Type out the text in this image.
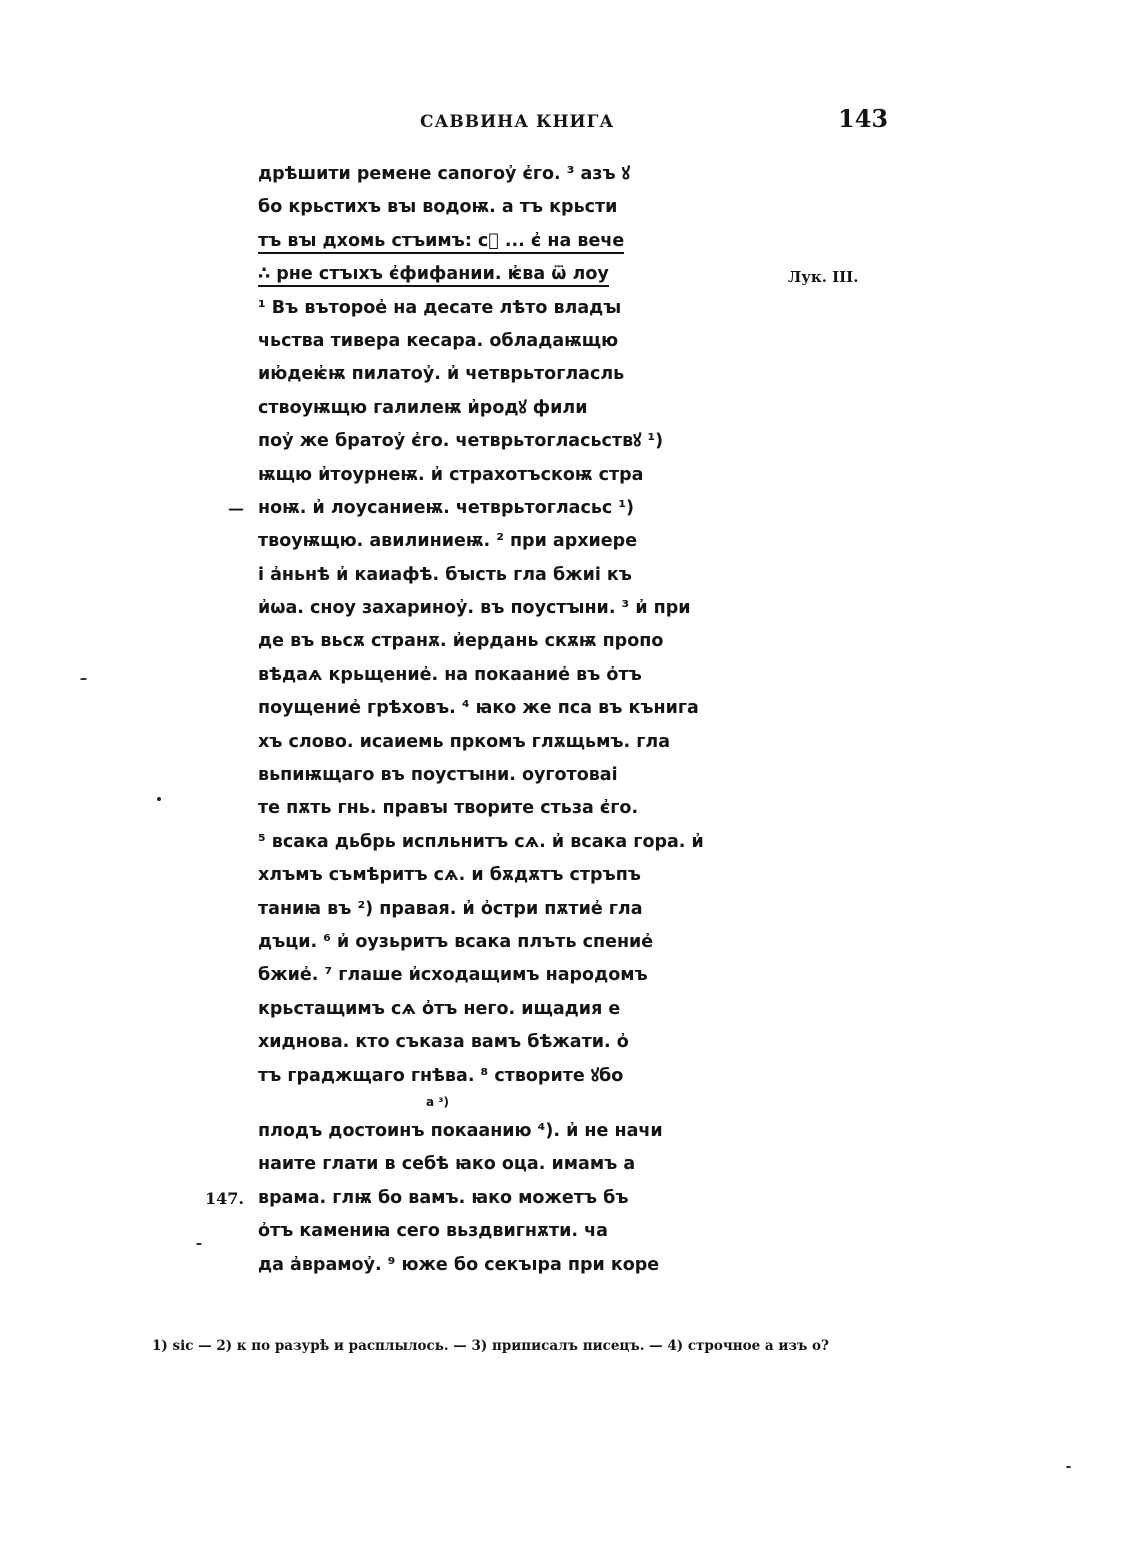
САВВИНА КНИГА	143
Лук. III.
дрѣшити ремене сапогоу҆ є҆го. ³ азъ ꙋ
бо крьстихъ вꙑ водоѭ. а тъ крьсти
тъ вꙑ дхомь стъимъ: сⷪ ... є҆ на вече
∴ рне стъıхъ є҆фифании. ѥ҆ва ѿ лоу
¹ Въ въторое҆ на десате лѣто владꙑ
чьства тивера кесара. обладаѭщю
ию҆деѥ҆ѭ пилатоу҆. и҆ четврьтогласль
ствоуѭщю галилеѭ и҆родꙋ фили
поу҆ же братоу҆ є҆го. четврьтогласьствꙋ ¹)
ѭщю и҆тоурнеѭ. и҆ страхотъскоѭ стра
— ноѭ. и҆ лоусаниеѭ. четврьтогласьс ¹)
твоуѭщю. авилиниеѭ. ² при архиере
і а҆ньнѣ и҆ каиафѣ. бꙑсть гла бжиі къ
и҆ѡа. сноу захариноу҆. въ поустꙑни. ³ и҆ при
де въ вьсѫ странѫ. и҆ердань скѫѭ пропо
вѣдаѧ крьщение҆. на покаание҆ въ о҆тъ
поущение҆ грѣховъ. ⁴ ꙗко же пса въ кънига
хъ слово. исаиемь пркомъ глѫщьмъ. гла
вьпиѭщаго въ поустꙑни. оуготоваі
те пѫть гнь. правꙑ творите стьза є҆го.
⁵ всака дьбрь испльнитъ сѧ. и҆ всака гора. и҆
хлъмъ съмѣритъ сѧ. и бѫдѫтъ стръпъ
таниꙗ въ ²) правая. и҆ о҆стри пѫтие҆ гла
дъци. ⁶ и҆ оузьритъ всака плъть спение҆
бжие҆. ⁷ глаше и҆сходащимъ народомъ
крьстащимъ сѧ о҆тъ него. ищадия е
хиднова. кто съказа вамъ бѣжати. о҆
тъ граджщаго гнѣва. ⁸ створите ꙋбо
а ³)
плодъ достоинъ покаанию ⁴). и҆ не начи
наите глати в себѣ ꙗко оца. имамъ а
147. врама. глѭ бо вамъ. ꙗко можетъ бъ
о҆тъ камениꙗ сего вьздвигнѫти. ча
да а҆врамоу҆. ⁹ юже бо секъıра при коре
1) sic — 2) к по разурѣ и расплылось. — 3) приписалъ писецъ. — 4) строчное а изъ о?
